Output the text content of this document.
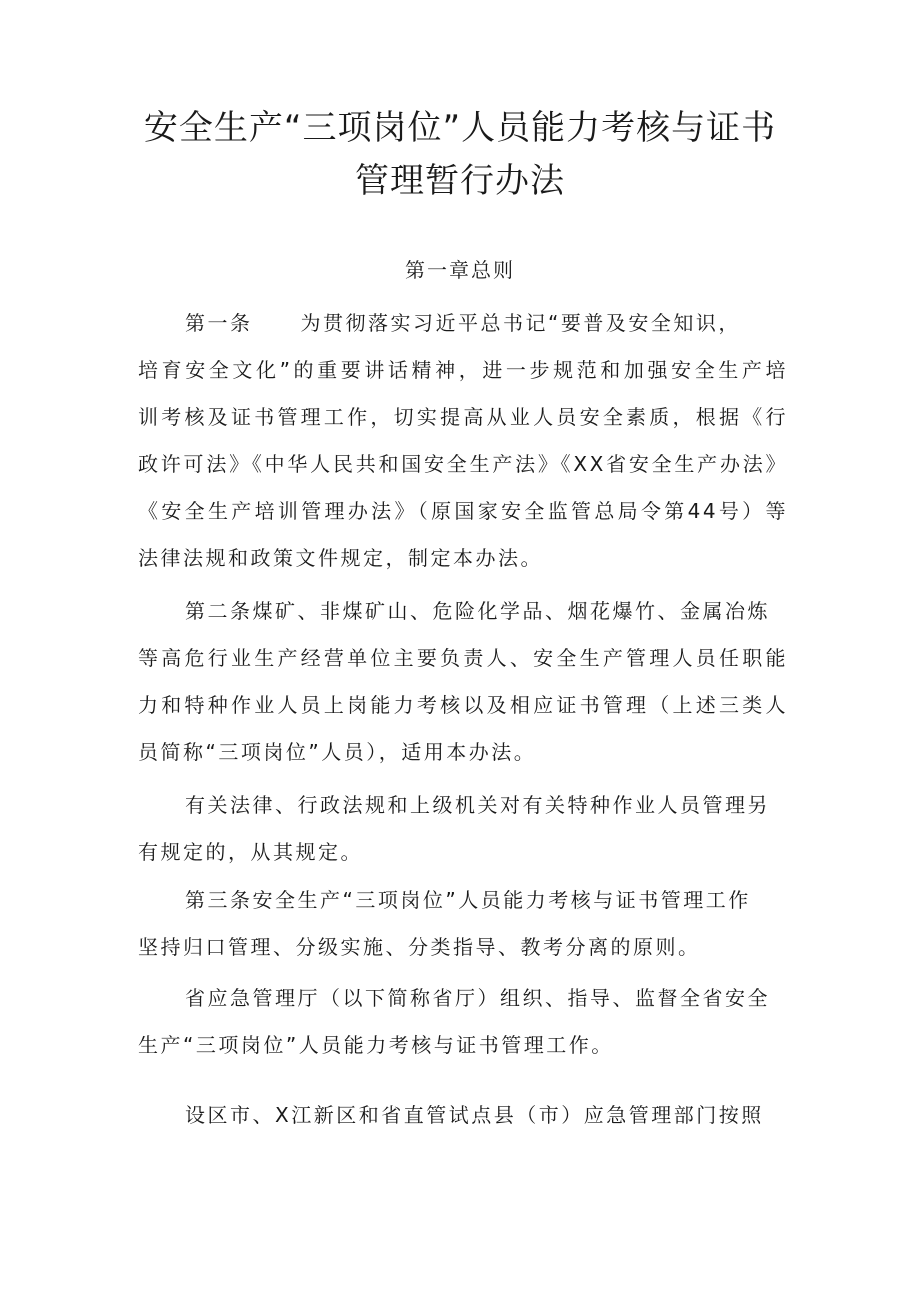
安全生产“三项岗位”人员能力考核与证书
管理暂行办法
第一章总则
第一条 为贯彻落实习近平总书记“要普及安全知识，
培育安全文化”的重要讲话精神，进一步规范和加强安全生产培
训考核及证书管理工作，切实提高从业人员安全素质，根据《行
政许可法》《中华人民共和国安全生产法》《XX省安全生产办法》
《安全生产培训管理办法》（原国家安全监管总局令第44号）等
法律法规和政策文件规定，制定本办法。
第二条煤矿、非煤矿山、危险化学品、烟花爆竹、金属冶炼
等高危行业生产经营单位主要负责人、安全生产管理人员任职能
力和特种作业人员上岗能力考核以及相应证书管理（上述三类人
员简称“三项岗位”人员），适用本办法。
有关法律、行政法规和上级机关对有关特种作业人员管理另
有规定的，从其规定。
第三条安全生产“三项岗位”人员能力考核与证书管理工作
坚持归口管理、分级实施、分类指导、教考分离的原则。
省应急管理厅（以下简称省厅）组织、指导、监督全省安全
生产“三项岗位”人员能力考核与证书管理工作。
设区市、X江新区和省直管试点县（市）应急管理部门按照
